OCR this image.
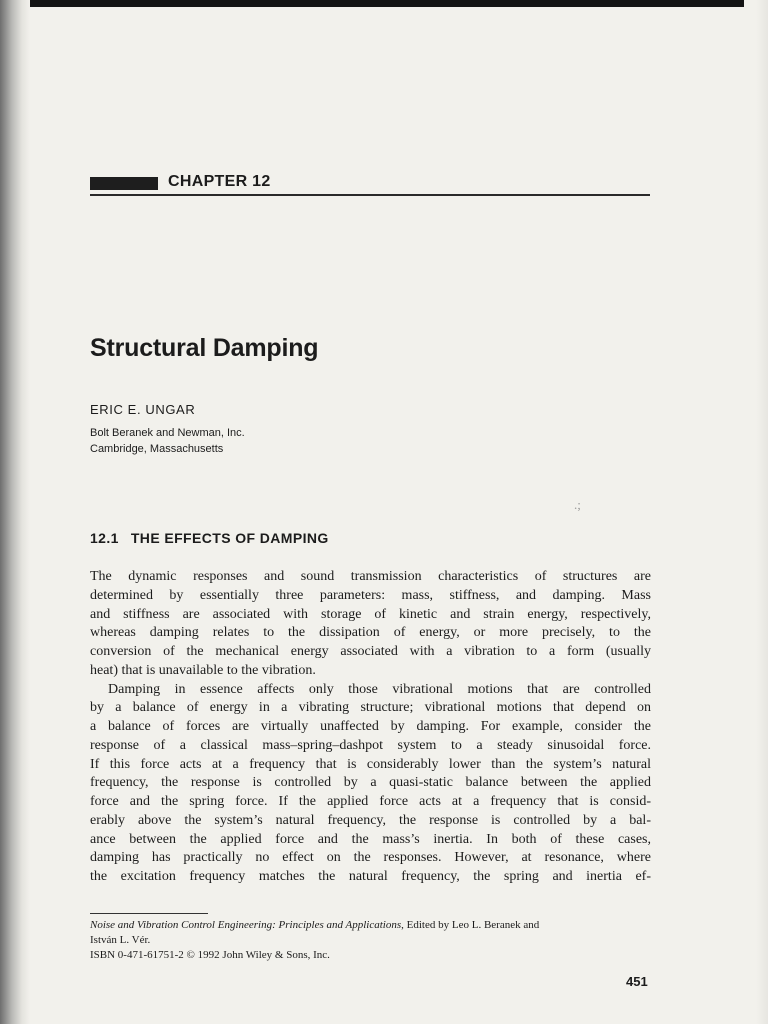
CHAPTER 12
Structural Damping
ERIC E. UNGAR
Bolt Beranek and Newman, Inc.
Cambridge, Massachusetts
.;
12.1 THE EFFECTS OF DAMPING
The dynamic responses and sound transmission characteristics of structures are
determined by essentially three parameters: mass, stiffness, and damping. Mass
and stiffness are associated with storage of kinetic and strain energy, respectively,
whereas damping relates to the dissipation of energy, or more precisely, to the
conversion of the mechanical energy associated with a vibration to a form (usually
heat) that is unavailable to the vibration.
Damping in essence affects only those vibrational motions that are controlled
by a balance of energy in a vibrating structure; vibrational motions that depend on
a balance of forces are virtually unaffected by damping. For example, consider the
response of a classical mass–spring–dashpot system to a steady sinusoidal force.
If this force acts at a frequency that is considerably lower than the system’s natural
frequency, the response is controlled by a quasi-static balance between the applied
force and the spring force. If the applied force acts at a frequency that is consid-
erably above the system’s natural frequency, the response is controlled by a bal-
ance between the applied force and the mass’s inertia. In both of these cases,
damping has practically no effect on the responses. However, at resonance, where
the excitation frequency matches the natural frequency, the spring and inertia ef-
Noise and Vibration Control Engineering: Principles and Applications, Edited by Leo L. Beranek and
István L. Vér.
ISBN 0-471-61751-2 © 1992 John Wiley & Sons, Inc.
451
